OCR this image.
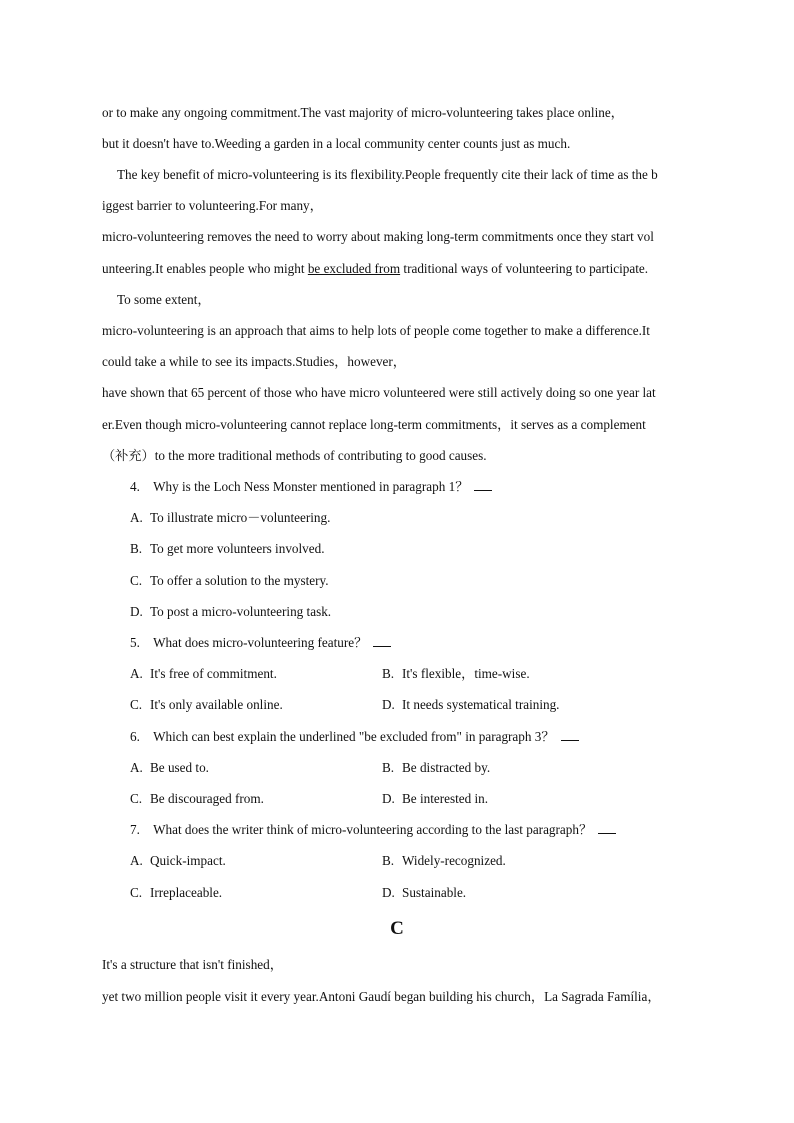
or to make any ongoing commitment.The vast majority of micro-volunteering takes place online，
but it doesn't have to.Weeding a garden in a local community center counts just as much.
The key benefit of micro-volunteering is its flexibility.People frequently cite their lack of time as the b
iggest barrier to volunteering.For many，
micro-volunteering removes the need to worry about making long-term commitments once they start vol
unteering.It enables people who might be excluded from traditional ways of volunteering to participate.
To some extent，
micro-volunteering is an approach that aims to help lots of people come together to make a difference.It
could take a while to see its impacts.Studies，however，
have shown that 65 percent of those who have micro volunteered were still actively doing so one year lat
er.Even though micro-volunteering cannot replace long-term commitments，it serves as a complement
（补充）to the more traditional methods of contributing to good causes.
4. Why is the Loch Ness Monster mentioned in paragraph 1？
A. To illustrate micro－volunteering.
B. To get more volunteers involved.
C. To offer a solution to the mystery.
D. To post a micro-volunteering task.
5. What does micro-volunteering feature？
A. It's free of commitment.	B. It's flexible，time-wise.
C. It's only available online.	D. It needs systematical training.
6. Which can best explain the underlined "be excluded from" in paragraph 3？
A. Be used to.	B. Be distracted by.
C. Be discouraged from.	D. Be interested in.
7. What does the writer think of micro-volunteering according to the last paragraph？
A. Quick-impact.	B. Widely-recognized.
C. Irreplaceable.	D. Sustainable.
C
It's a structure that isn't finished，
yet two million people visit it every year.Antoni Gaudí began building his church，La Sagrada Família，
